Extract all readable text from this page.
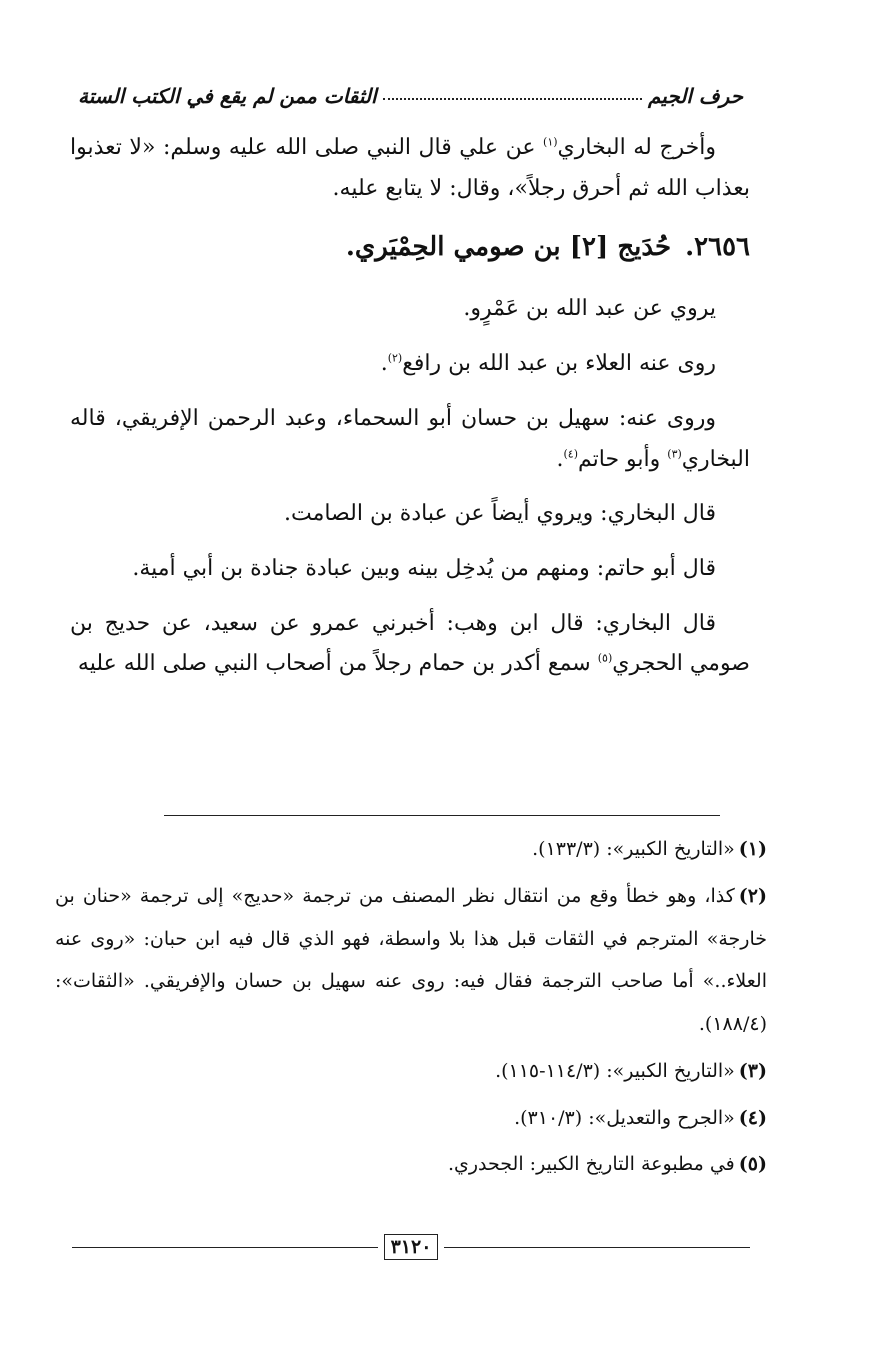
حرف الجيم
الثقات ممن لم يقع في الكتب الستة

وأخرج له البخاري$^{(١)}$ عن علي قال النبي صلى الله عليه وسلم: «لا تعذبوا بعذاب الله ثم أحرق رجلاً»، وقال: لا يتابع عليه.

٢٦٥٦.حُدَيج [٢] بن صومي الحِمْيَري.

يروي عن عبد الله بن عَمْرٍو.

روى عنه العلاء بن عبد الله بن رافع$^{(٢)}$.

وروى عنه: سهيل بن حسان أبو السحماء، وعبد الرحمن الإفريقي، قاله البخاري$^{(٣)}$ وأبو حاتم$^{(٤)}$.

قال البخاري: ويروي أيضاً عن عبادة بن الصامت.

قال أبو حاتم: ومنهم من يُدخِل بينه وبين عبادة جنادة بن أبي أمية.

قال البخاري: قال ابن وهب: أخبرني عمرو عن سعيد، عن حديج بن صومي الحجري$^{(٥)}$ سمع أكدر بن حمام رجلاً من أصحاب النبي صلى الله عليه

(١)«التاريخ الكبير»: (١٣٣/٣).
(٢)كذا، وهو خطأ وقع من انتقال نظر المصنف من ترجمة «حديج» إلى ترجمة «حنان بن خارجة» المترجم في الثقات قبل هذا بلا واسطة، فهو الذي قال فيه ابن حبان: «روى عنه العلاء..» أما صاحب الترجمة فقال فيه: روى عنه سهيل بن حسان والإفريقي. «الثقات»: (١٨٨/٤).
(٣)«التاريخ الكبير»: (١١٤/٣-١١٥).
(٤)«الجرح والتعديل»: (٣١٠/٣).
(٥)في مطبوعة التاريخ الكبير: الجحدري.
٣١٢٠
